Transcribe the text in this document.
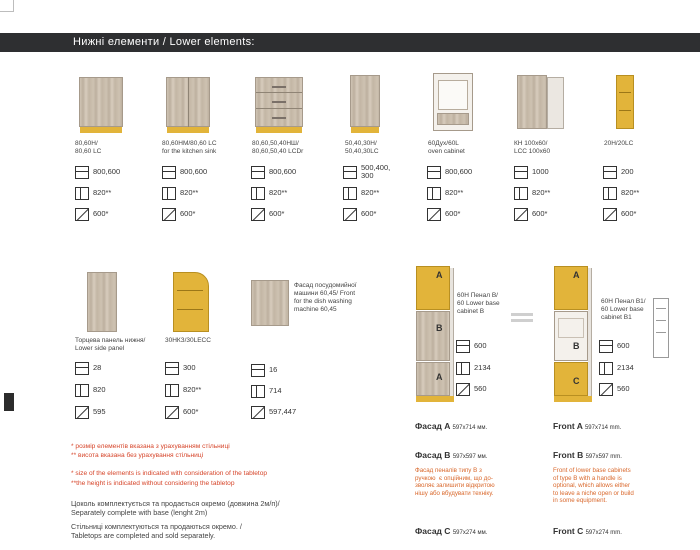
Нижні елементи / Lower elements:
80,60Н/
80,60 LC
80,60НМ/80,60 LC
for the kitchen sink
80,60,50,40НШ/
80,60,50,40 LCDr
50,40,30Н/
50,40,30LC
60Дух/60L
oven cabinet
КН 100х60/
LCC 100х60
20Н/20LC
800,600
820**
600*
800,600
820**
600*
800,600
820**
600*
500,400,
300
820**
600*
800,600
820**
600*
1000
820**
600*
200
820**
600*
Торцева панель нижня/
Lower side panel
30НКЗ/30LECC
Фасад посудомийної
машини 60,45/ Front
for the dish washing
machine 60,45
28
820
595
300
820**
600*
16
714
597,447
A
B
A
60Н Пенал В/
60 Lower base
cabinet B
600
2134
560
A
B
C
60Н Пенал В1/
60 Lower base
cabinet B1
600
2134
560
Фасад A 597х714 мм.
Фасад B 597х597 мм.
Фасад пеналів типу В з
ручкою  є опційним, що до-
зволяє залишити відкритою
нішу або вбудувати техніку.
Фасад C 597х274 мм.
Front A 597х714 mm.
Front B 597х597 mm.
Front of lower base cabinets
of type B with a handle is
optional, which allows either
to leave a niche open or build
in some equipment.
Front C 597х274 mm.
* розмір елементів вказана з урахуванням стільниці
** висота вказана без урахування стільниці
* size of the elements is indicated with consideration of the tabletop
**the height is indicated without considering the tabletop
Цоколь комплектується та продається окремо (довжина 2м/п)/
Separately complete with base (lenght 2m)
Стільниці комплектуються та продаються окремо. /
Tabletops are completed and sold separately.
